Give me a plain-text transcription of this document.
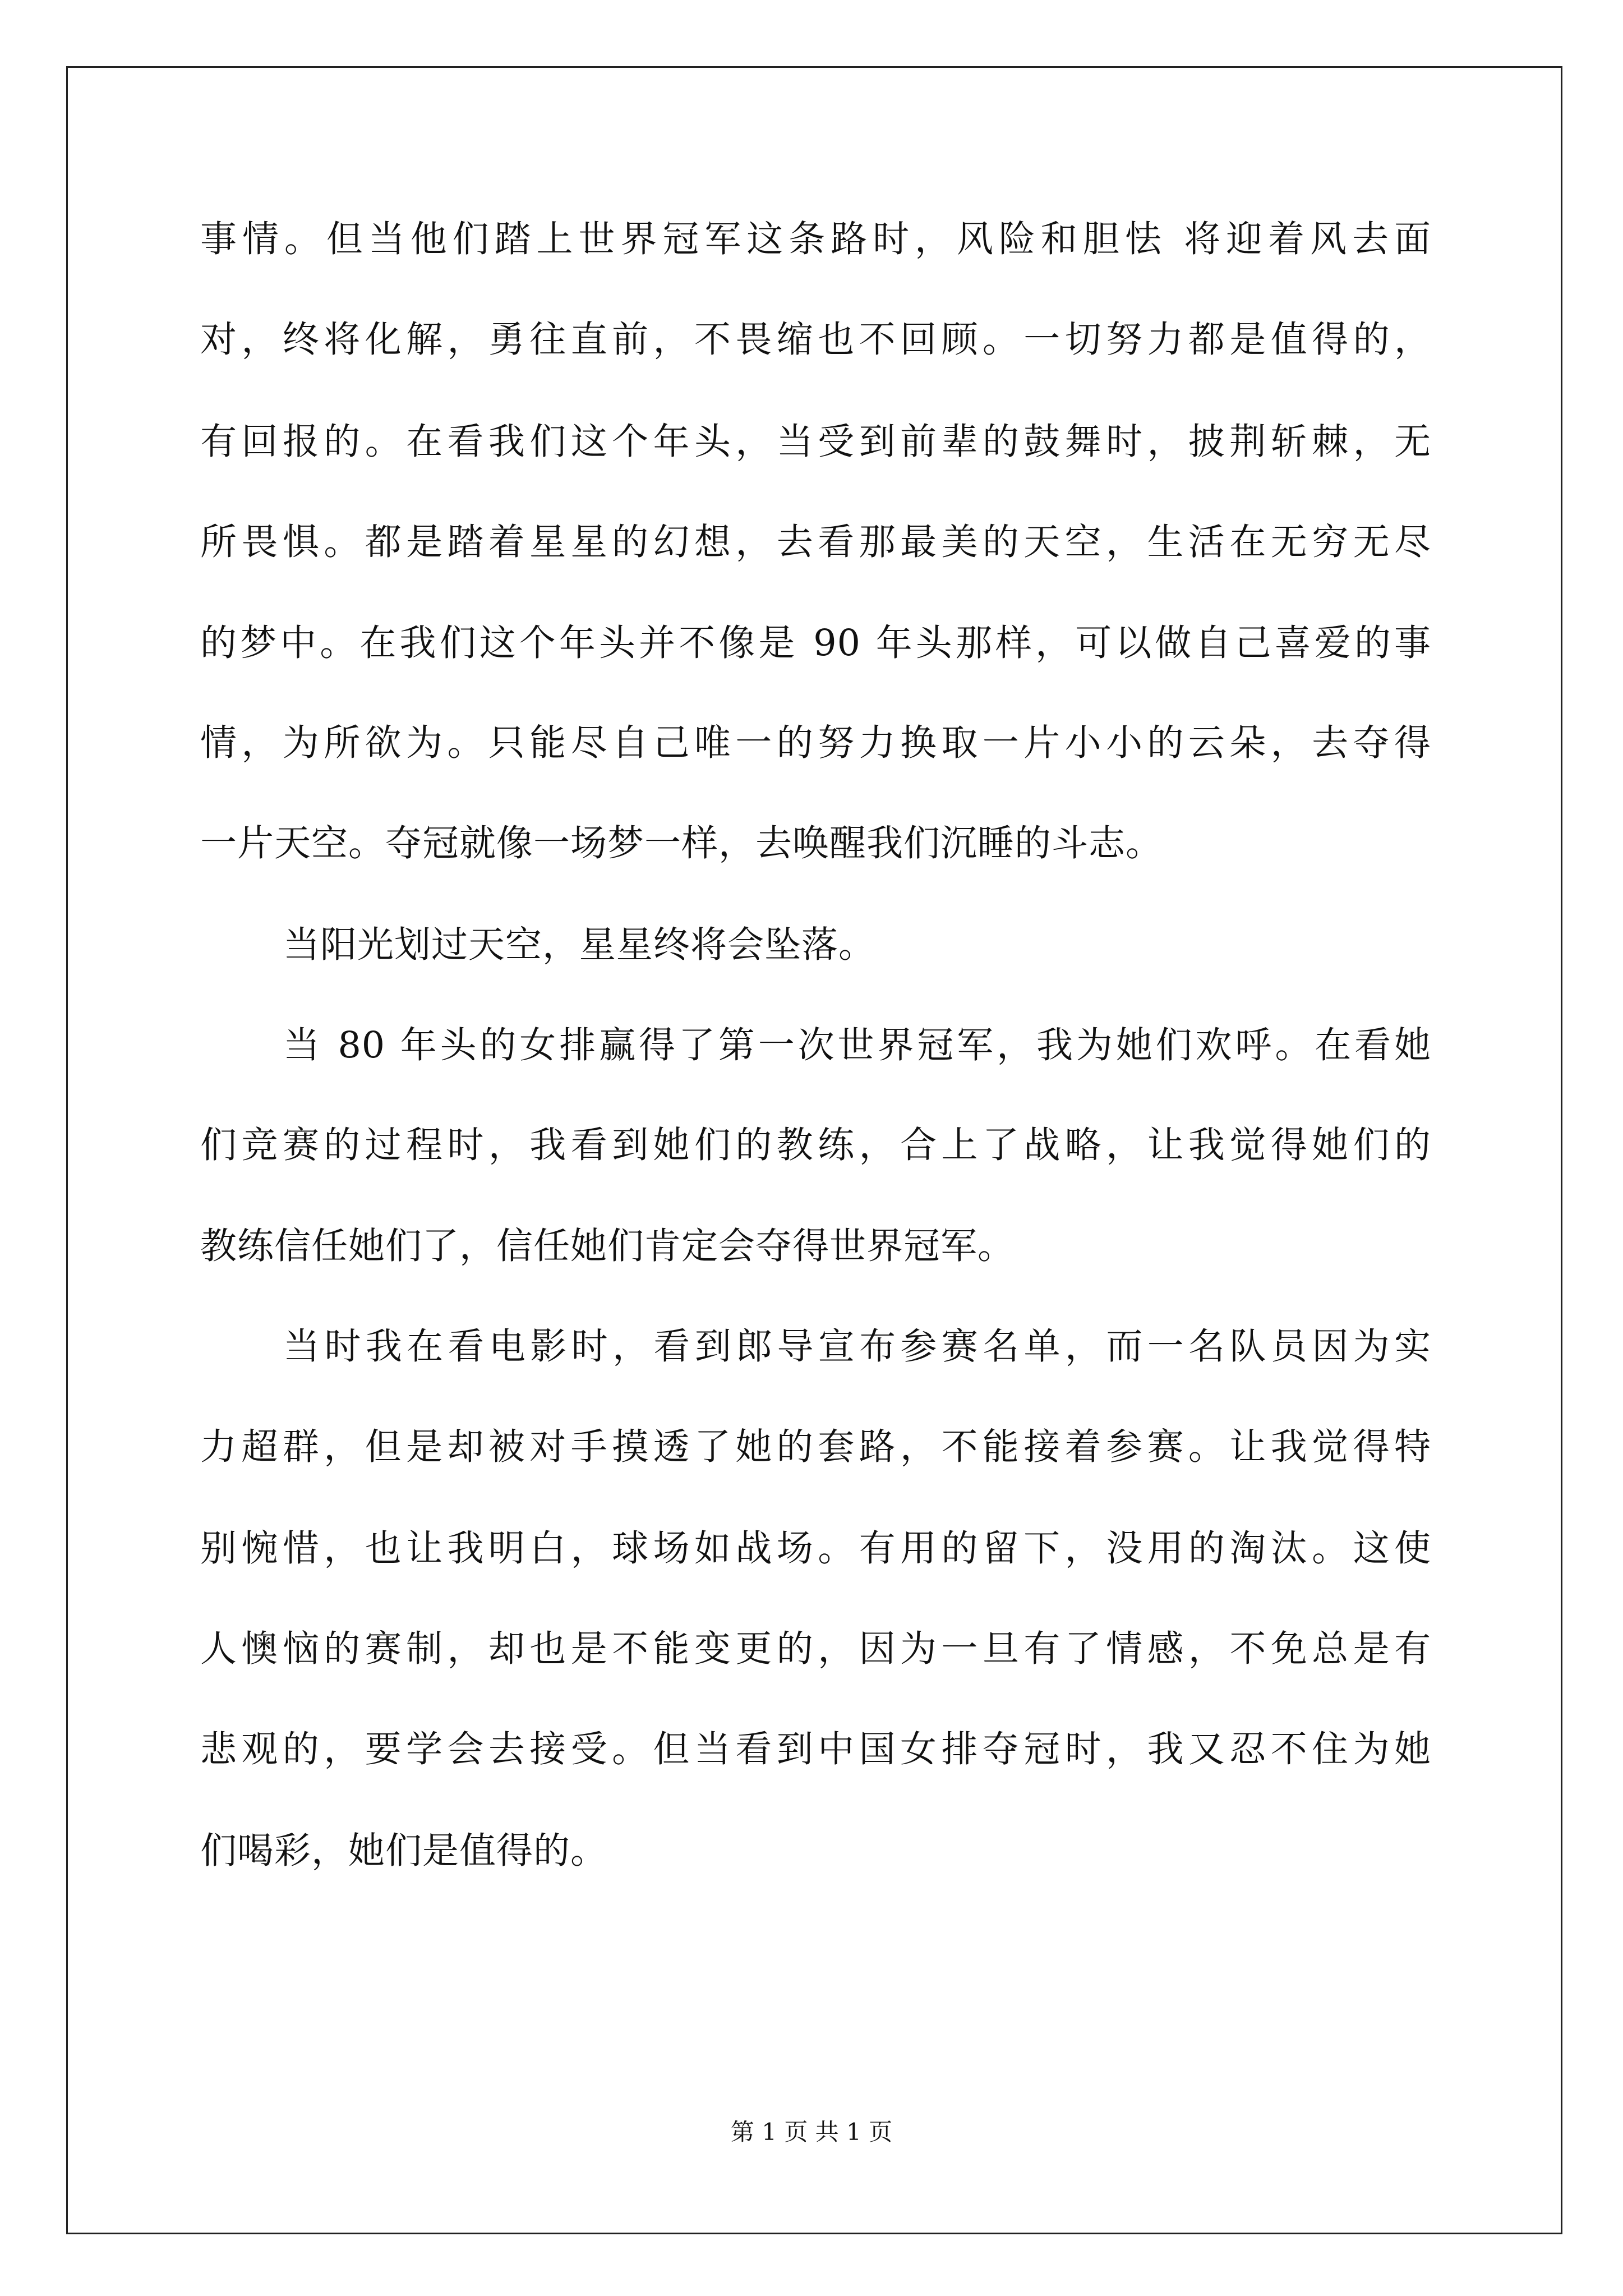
事情。但当他们踏上世界冠军这条路时，风险和胆怯 将迎着风去面
对，终将化解，勇往直前，不畏缩也不回顾。一切努力都是值得的，
有回报的。在看我们这个年头，当受到前辈的鼓舞时，披荆斩棘，无
所畏惧。都是踏着星星的幻想，去看那最美的天空，生活在无穷无尽
的梦中。在我们这个年头并不像是 90 年头那样，可以做自己喜爱的事
情，为所欲为。只能尽自己唯一的努力换取一片小小的云朵，去夺得
一片天空。夺冠就像一场梦一样，去唤醒我们沉睡的斗志。
当阳光划过天空，星星终将会坠落。
当 80 年头的女排赢得了第一次世界冠军，我为她们欢呼。在看她
们竞赛的过程时，我看到她们的教练，合上了战略，让我觉得她们的
教练信任她们了，信任她们肯定会夺得世界冠军。
当时我在看电影时，看到郎导宣布参赛名单，而一名队员因为实
力超群，但是却被对手摸透了她的套路，不能接着参赛。让我觉得特
别惋惜，也让我明白，球场如战场。有用的留下，没用的淘汰。这使
人懊恼的赛制，却也是不能变更的，因为一旦有了情感，不免总是有
悲观的，要学会去接受。但当看到中国女排夺冠时，我又忍不住为她
们喝彩，她们是值得的。
第 1 页 共 1 页
